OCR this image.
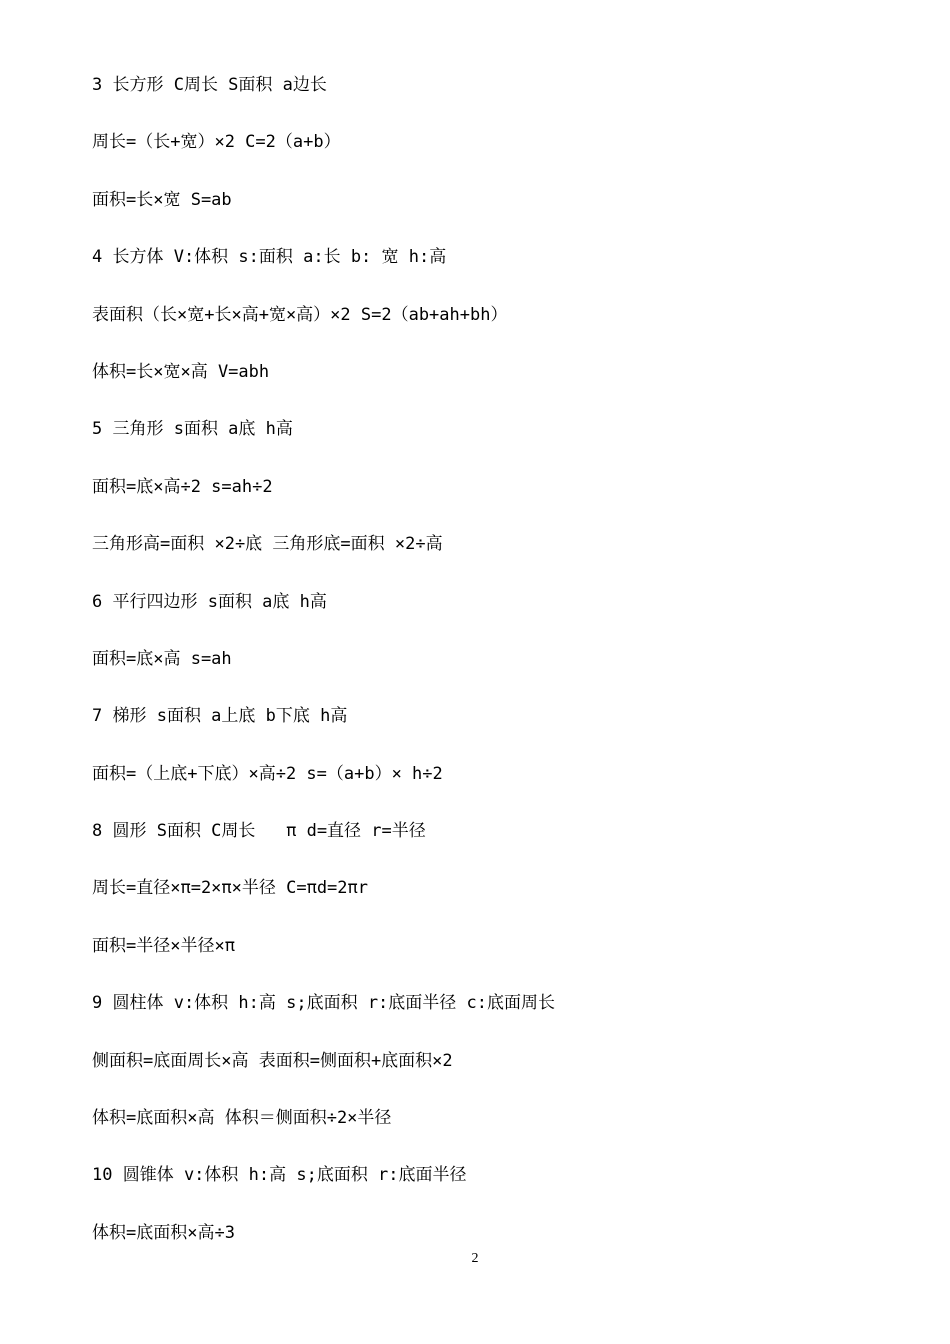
3 长方形 C周长 S面积 a边长
周长=（长+宽）×2 C=2（a+b）
面积=长×宽 S=ab
4 长方体 V:体积 s:面积 a:长 b: 宽 h:高
表面积（长×宽+长×高+宽×高）×2 S=2（ab+ah+bh）
体积=长×宽×高 V=abh
5 三角形 s面积 a底 h高
面积=底×高÷2 s=ah÷2
三角形高=面积 ×2÷底 三角形底=面积 ×2÷高
6 平行四边形 s面积 a底 h高
面积=底×高 s=ah
7 梯形 s面积 a上底 b下底 h高
面积=（上底+下底）×高÷2 s=（a+b）× h÷2
8 圆形 S面积 C周长   π d=直径 r=半径
周长=直径×π=2×π×半径 C=πd=2πr
面积=半径×半径×π
9 圆柱体 v:体积 h:高 s;底面积 r:底面半径 c:底面周长
侧面积=底面周长×高 表面积=侧面积+底面积×2
体积=底面积×高 体积＝侧面积÷2×半径
10 圆锥体 v:体积 h:高 s;底面积 r:底面半径
体积=底面积×高÷3
2
